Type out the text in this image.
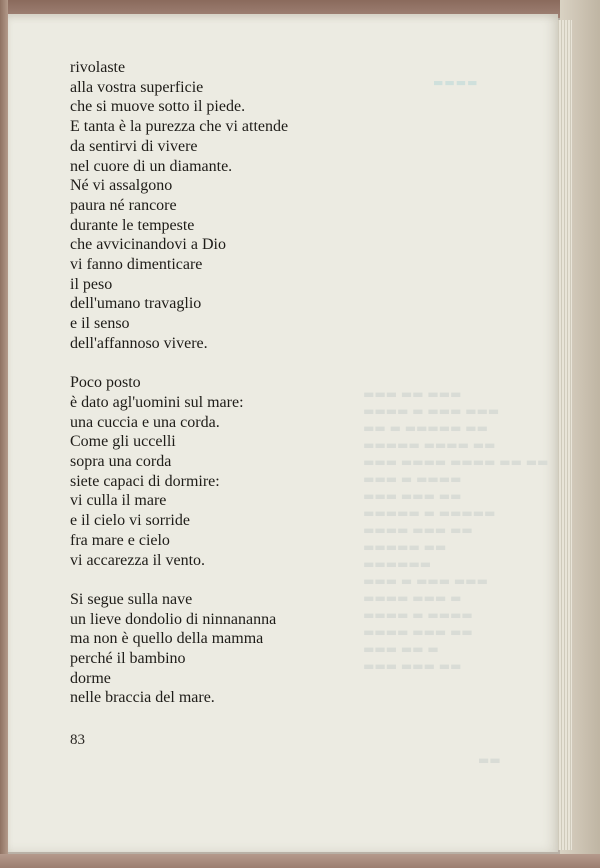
▬▬▬▬
▬▬▬ ▬▬ ▬▬▬
▬▬▬ ▬▬▬ ▬ ▬▬▬▬
▬▬ ▬▬▬▬▬ ▬ ▬▬
▬▬ ▬▬▬▬ ▬▬▬▬▬
▬▬ ▬▬ ▬▬▬▬ ▬▬▬▬ ▬▬▬
▬▬▬▬ ▬ ▬▬▬
▬▬ ▬▬▬ ▬▬▬
▬▬▬▬▬ ▬ ▬▬▬▬▬
▬▬ ▬▬▬ ▬▬▬▬
▬▬ ▬▬▬▬▬
▬▬▬▬▬▬
▬▬▬ ▬▬▬ ▬ ▬▬▬
▬ ▬▬▬ ▬▬▬▬
▬▬▬▬ ▬ ▬▬▬▬
▬▬ ▬▬▬ ▬▬▬▬
▬ ▬▬ ▬▬▬
▬▬ ▬▬▬ ▬▬▬
▬▬
rivolaste
alla vostra superficie
che si muove sotto il piede.
E tanta è la purezza che vi attende
da sentirvi di vivere
nel cuore di un diamante.
Né vi assalgono
paura né rancore
durante le tempeste
che avvicinandovi a Dio
vi fanno dimenticare
il peso
dell'umano travaglio
e il senso
dell'affannoso vivere.
Poco posto
è dato agl'uomini sul mare:
una cuccia e una corda.
Come gli uccelli
sopra una corda
siete capaci di dormire:
vi culla il mare
e il cielo vi sorride
fra mare e cielo
vi accarezza il vento.
Si segue sulla nave
un lieve dondolio di ninnananna
ma non è quello della mamma
perché il bambino
dorme
nelle braccia del mare.
83
